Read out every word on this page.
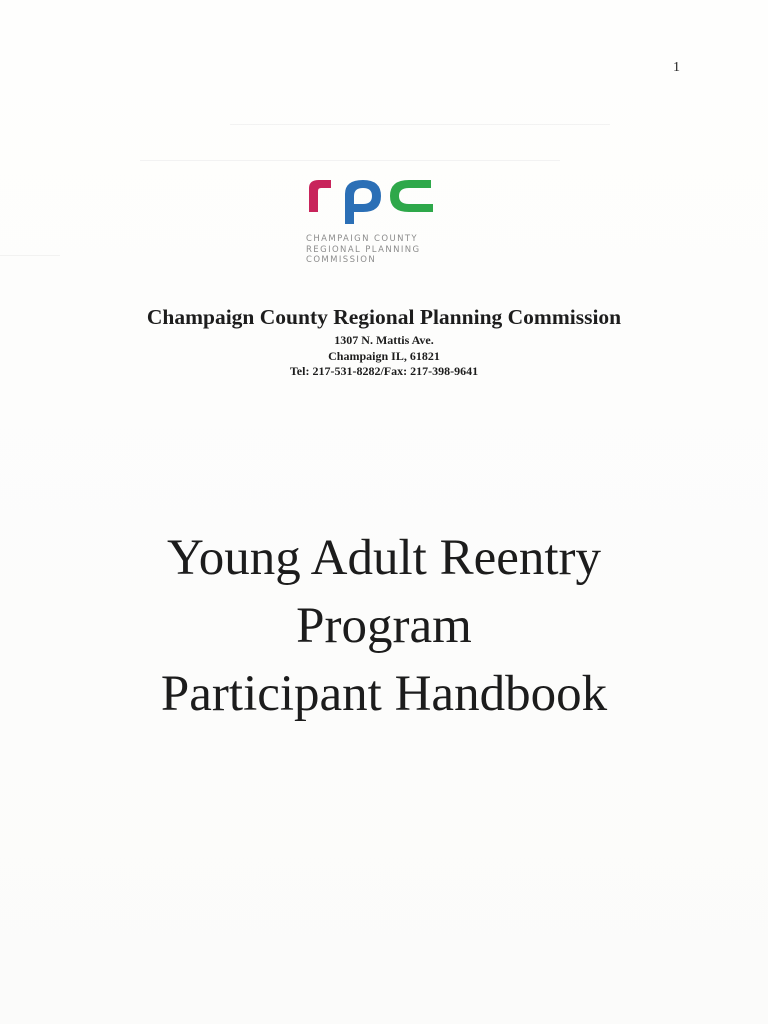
1
CHAMPAIGN COUNTY
REGIONAL PLANNING
COMMISSION
Champaign County Regional Planning Commission
1307 N. Mattis Ave.
Champaign IL, 61821
Tel: 217-531-8282/Fax: 217-398-9641
Young Adult Reentry
Program
Participant Handbook
